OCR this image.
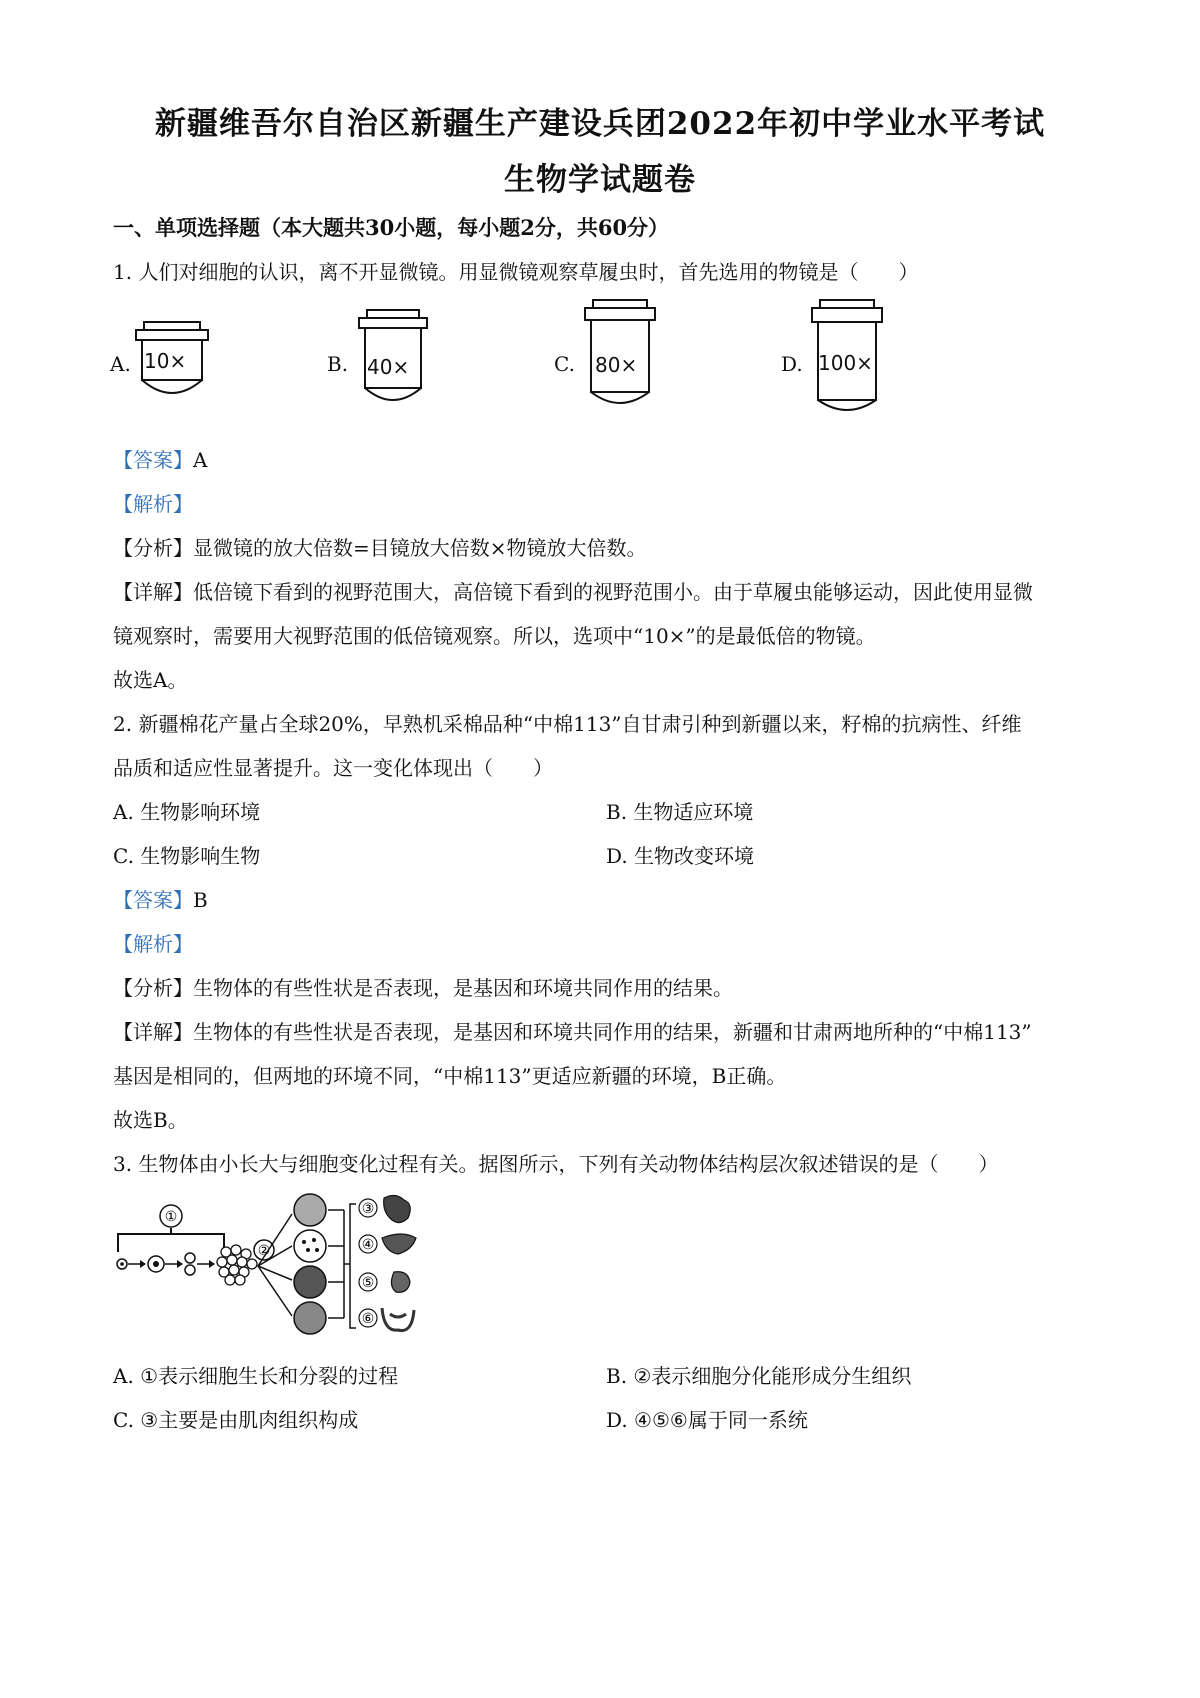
新疆维吾尔自治区新疆生产建设兵团2022年初中学业水平考试
生物学试题卷
一、单项选择题（本大题共30小题，每小题2分，共60分）
1. 人们对细胞的认识，离不开显微镜。用显微镜观察草履虫时，首先选用的物镜是（　　）
A. 10×	B. 40×	C. 80×	D. 100×
【答案】A
【解析】
【分析】显微镜的放大倍数=目镜放大倍数×物镜放大倍数。
【详解】低倍镜下看到的视野范围大，高倍镜下看到的视野范围小。由于草履虫能够运动，因此使用显微
镜观察时，需要用大视野范围的低倍镜观察。所以，选项中“10×”的是最低倍的物镜。
故选A。
2. 新疆棉花产量占全球20%，早熟机采棉品种“中棉113”自甘肃引种到新疆以来，籽棉的抗病性、纤维
品质和适应性显著提升。这一变化体现出（　　）
A. 生物影响环境	B. 生物适应环境
C. 生物影响生物	D. 生物改变环境
【答案】B
【解析】
【分析】生物体的有些性状是否表现，是基因和环境共同作用的结果。
【详解】生物体的有些性状是否表现，是基因和环境共同作用的结果，新疆和甘肃两地所种的“中棉113”
基因是相同的，但两地的环境不同，“中棉113”更适应新疆的环境，B正确。
故选B。
3. 生物体由小长大与细胞变化过程有关。据图所示，下列有关动物体结构层次叙述错误的是（　　）
①
②
③
④
⑤
⑥
A. ①表示细胞生长和分裂的过程	B. ②表示细胞分化能形成分生组织
C. ③主要是由肌肉组织构成	D. ④⑤⑥属于同一系统
